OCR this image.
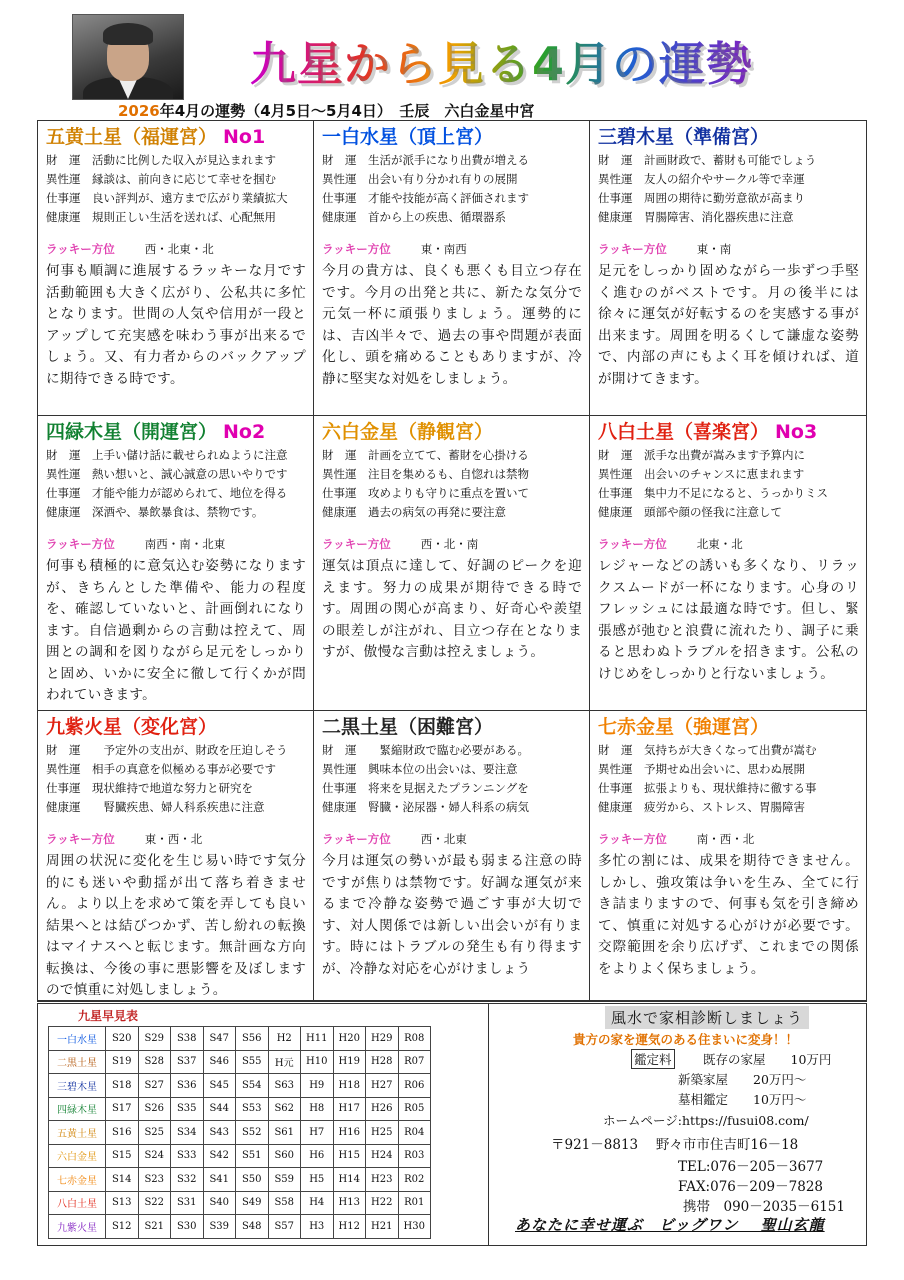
九星から見る4月の運勢
2026年4月の運勢（4月5日～5月4日）　壬辰　六白金星中宮
五黄土星（福運宮） No1
財　運　活動に比例した収入が見込まれます
異性運　縁談は、前向きに応じて幸せを掴む
仕事運　良い評判が、遠方まで広がり業績拡大
健康運　規則正しい生活を送れば、心配無用
ラッキー方位	西・北東・北
何事も順調に進展するラッキーな月です活動範囲も大きく広がり、公私共に多忙となります。世間の人気や信用が一段とアップして充実感を味わう事が出来るでしょう。又、有力者からのバックアップに期待できる時です。
一白水星（頂上宮）
財　運　生活が派手になり出費が増える
異性運　出会い有り分かれ有りの展開
仕事運　才能や技能が高く評価されます
健康運　首から上の疾患、循環器系
ラッキー方位	東・南西
今月の貴方は、良くも悪くも目立つ存在です。今月の出発と共に、新たな気分で元気一杯に頑張りましょう。運勢的には、吉凶半々で、過去の事や問題が表面化し、頭を痛めることもありますが、冷静に堅実な対処をしましょう。
三碧木星（準備宮）
財　運　計画財政で、蓄財も可能でしょう
異性運　友人の紹介やサークル等で幸運
仕事運　周囲の期待に勤労意欲が高まり
健康運　胃腸障害、消化器疾患に注意
ラッキー方位	東・南
足元をしっかり固めながら一歩ずつ手堅く進むのがベストです。月の後半には徐々に運気が好転するのを実感する事が出来ます。周囲を明るくして謙虚な姿勢で、内部の声にもよく耳を傾ければ、道が開けてきます。
四緑木星（開運宮） No2
財　運　上手い儲け話に載せられぬように注意
異性運　熱い想いと、誠心誠意の思いやりです
仕事運　才能や能力が認められて、地位を得る
健康運　深酒や、暴飲暴食は、禁物です。
ラッキー方位	南西・南・北東
何事も積極的に意気込む姿勢になりますが、きちんとした準備や、能力の程度を、確認していないと、計画倒れになります。自信過剰からの言動は控えて、周囲との調和を図りながら足元をしっかりと固め、いかに安全に徹して行くかが問われていきます。
六白金星（静観宮）
財　運　計画を立てて、蓄財を心掛ける
異性運　注目を集めるも、自惚れは禁物
仕事運　攻めよりも守りに重点を置いて
健康運　過去の病気の再発に要注意
ラッキー方位	西・北・南
運気は頂点に達して、好調のピークを迎えます。努力の成果が期待できる時です。周囲の関心が高まり、好奇心や羨望の眼差しが注がれ、目立つ存在となりますが、傲慢な言動は控えましょう。
八白土星（喜楽宮） No3
財　運　派手な出費が嵩みます予算内に
異性運　出会いのチャンスに恵まれます
仕事運　集中力不足になると、うっかりミス
健康運　頭部や顔の怪我に注意して
ラッキー方位	北東・北
レジャーなどの誘いも多くなり、リラックスムードが一杯になります。心身のリフレッシュには最適な時です。但し、緊張感が弛むと浪費に流れたり、調子に乗ると思わぬトラブルを招きます。公私のけじめをしっかりと行ないましょう。
九紫火星（変化宮）
財　運　　予定外の支出が、財政を圧迫しそう
異性運　相手の真意を似極める事が必要です
仕事運　現状維持で地道な努力と研究を
健康運　　腎臓疾患、婦人科系疾患に注意
ラッキー方位	東・西・北
周囲の状況に変化を生じ易い時です気分的にも迷いや動揺が出て落ち着きません。より以上を求めて策を弄しても良い結果へとは結びつかず、苦し紛れの転換はマイナスへと転じます。無計画な方向転換は、今後の事に悪影響を及ぼしますので慎重に対処しましょう。
二黒土星（困難宮）
財　運　　緊縮財政で臨む必要がある。
異性運　興味本位の出会いは、要注意
仕事運　将来を見据えたプランニングを
健康運　腎臓・泌尿器・婦人科系の病気
ラッキー方位	西・北東
今月は運気の勢いが最も弱まる注意の時ですが焦りは禁物です。好調な運気が来るまで冷静な姿勢で過ごす事が大切です、対人関係では新しい出会いが有ります。時にはトラブルの発生も有り得ますが、冷静な対応を心がけましょう
七赤金星（強運宮）
財　運　気持ちが大きくなって出費が嵩む
異性運　予期せぬ出会いに、思わぬ展開
仕事運　拡張よりも、現状維持に徹する事
健康運　疲労から、ストレス、胃腸障害
ラッキー方位	南・西・北
多忙の割には、成果を期待できません。しかし、強攻策は争いを生み、全てに行き詰まりますので、何事も気を引き締めて、慎重に対処する心がけが必要です。交際範囲を余り広げず、これまでの関係をよりよく保ちましょう。
九星早見表
一白水星	S20	S29	S38	S47	S56	H2	H11	H20	H29	R08
二黒土星	S19	S28	S37	S46	S55	H元	H10	H19	H28	R07
三碧木星	S18	S27	S36	S45	S54	S63	H9	H18	H27	R06
四緑木星	S17	S26	S35	S44	S53	S62	H8	H17	H26	R05
五黄土星	S16	S25	S34	S43	S52	S61	H7	H16	H25	R04
六白金星	S15	S24	S33	S42	S51	S60	H6	H15	H24	R03
七赤金星	S14	S23	S32	S41	S50	S59	H5	H14	H23	R02
八白土星	S13	S22	S31	S40	S49	S58	H4	H13	H22	R01
九紫火星	S12	S21	S30	S39	S48	S57	H3	H12	H21	H30
風水で家相診断しましょう
貴方の家を運気のある住まいに変身！！
鑑定料	既存の家屋　　10万円
新築家屋　　20万円～
墓相鑑定　　10万円～
ホームページ:https://fusui08.com/
〒921－8813　 野々市市住吉町16－18
TEL:076－205－3677
FAX:076－209－7828
携帯　090－2035－6151
あなたに幸せ運ぶ　ビッグワン　 聖山玄龍
